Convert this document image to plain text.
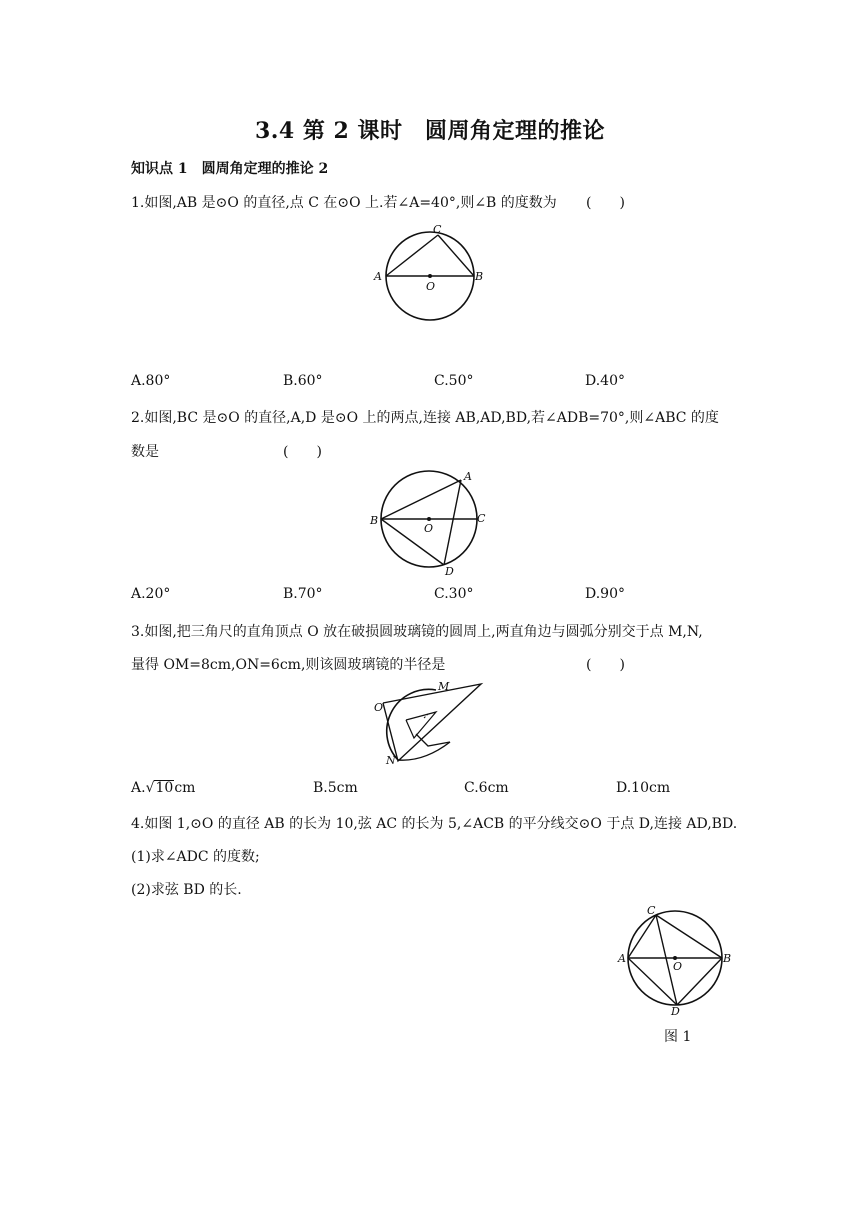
3.4 第 2 课时　圆周角定理的推论
知识点 1　圆周角定理的推论 2
1.如图,AB 是⊙O 的直径,点 C 在⊙O 上.若∠A=40°,则∠B 的度数为 (　　)
A	B
C
O
A.80°	B.60°	C.50°	D.40°
2.如图,BC 是⊙O 的直径,A,D 是⊙O 上的两点,连接 AB,AD,BD,若∠ADB=70°,则∠ABC 的度
数是	(　　)
A
B	C
D
O
A.20°	B.70°	C.30°	D.90°
3.如图,把三角尺的直角顶点 O 放在破损圆玻璃镜的圆周上,两直角边与圆弧分别交于点 M,N,
量得 OM=8cm,ON=6cm,则该圆玻璃镜的半径是	(　　)
O
M
N
A.√10cm	B.5cm	C.6cm	D.10cm
4.如图 1,⊙O 的直径 AB 的长为 10,弦 AC 的长为 5,∠ACB 的平分线交⊙O 于点 D,连接 AD,BD.
(1)求∠ADC 的度数;
(2)求弦 BD 的长.
A	B
C
D
O
图 1
